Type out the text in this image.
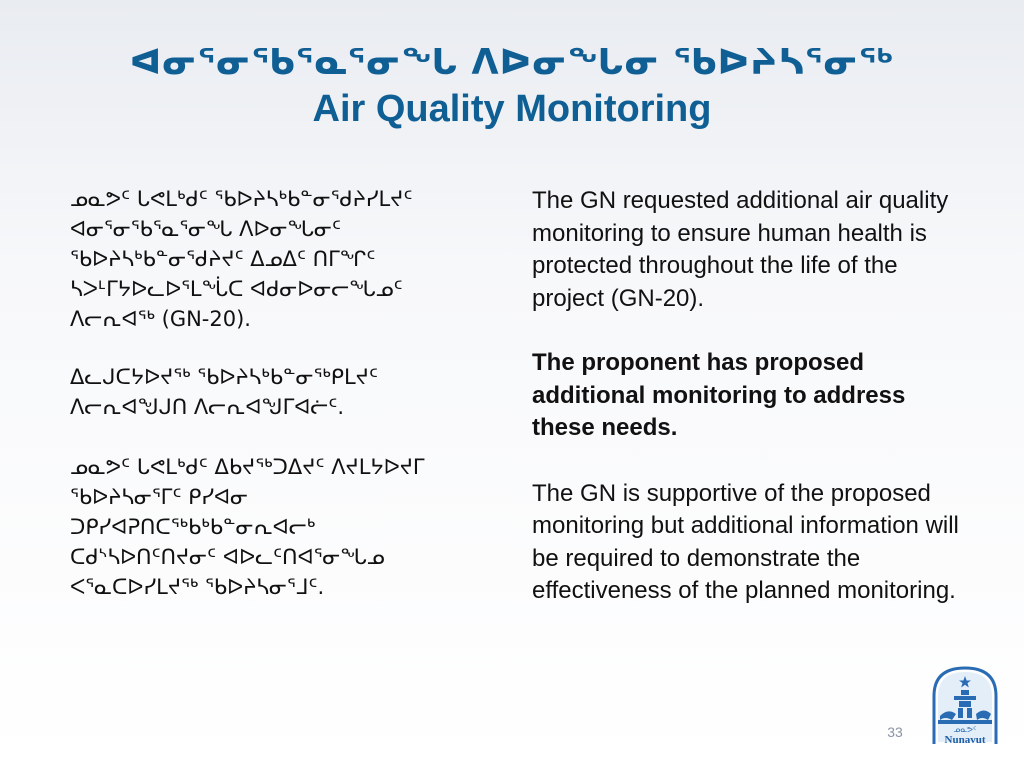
ᐊᓂᕐᓂᖃᕐᓇᕐᓂᖓ ᐱᐅᓂᖓᓂ ᖃᐅᔨᓴᕐᓂᖅ
Air Quality Monitoring

ᓄᓇᕗᑦ ᒐᕙᒪᒃᑯᑦ ᖃᐅᔨᓴᒃᑲᓐᓂᖁᔨᓯᒪᔪᑦ
ᐊᓂᕐᓂᖃᕐᓇᕐᓂᖓ ᐱᐅᓂᖓᓂᑦ
ᖃᐅᔨᓴᒃᑲᓐᓂᖁᔨᔪᑦ ᐃᓄᐃᑦ ᑎᒥᖏᑦ
ᓴᐳᒻᒥᔭᐅᓚᐅᕐᒪᖔᑕ ᐊᑯᓂᐅᓂᓕᖓᓄᑦ
ᐱᓕᕆᐊᖅ (GN-20).

ᐃᓚᒍᑕᔭᐅᔪᖅ ᖃᐅᔨᓴᒃᑲᓐᓂᖅᑭᒪᔪᑦ
ᐱᓕᕆᐊᖑᒍᑎ ᐱᓕᕆᐊᖑᒥᐊᓖᑦ.

ᓄᓇᕗᑦ ᒐᕙᒪᒃᑯᑦ ᐃᑲᔪᖅᑐᐃᔪᑦ ᐱᔪᒪᔭᐅᔪᒥ
ᖃᐅᔨᓴᓂᕐᒥᑦ ᑭᓯᐊᓂ
ᑐᑭᓯᐊᕈᑎᑕᖅᑲᒃᑲᓐᓂᕆᐊᓕᒃ
ᑕᑯᔅᓴᐅᑎᑦᑎᔪᓂᑦ ᐊᐅᓚᑦᑎᐊᕐᓂᖓᓄ
ᐸᕐᓇᑕᐅᓯᒪᔪᖅ ᖃᐅᔨᓴᓂᕐᒧᑦ.

The GN requested additional air quality monitoring to ensure human health is protected throughout the life of the project (GN-20).

The proponent has proposed additional monitoring to address these needs.

The GN is supportive of the proposed monitoring but additional information will be required to demonstrate the effectiveness of the planned monitoring.

33	ᓄᓇᕗᑦ
Nunavut
